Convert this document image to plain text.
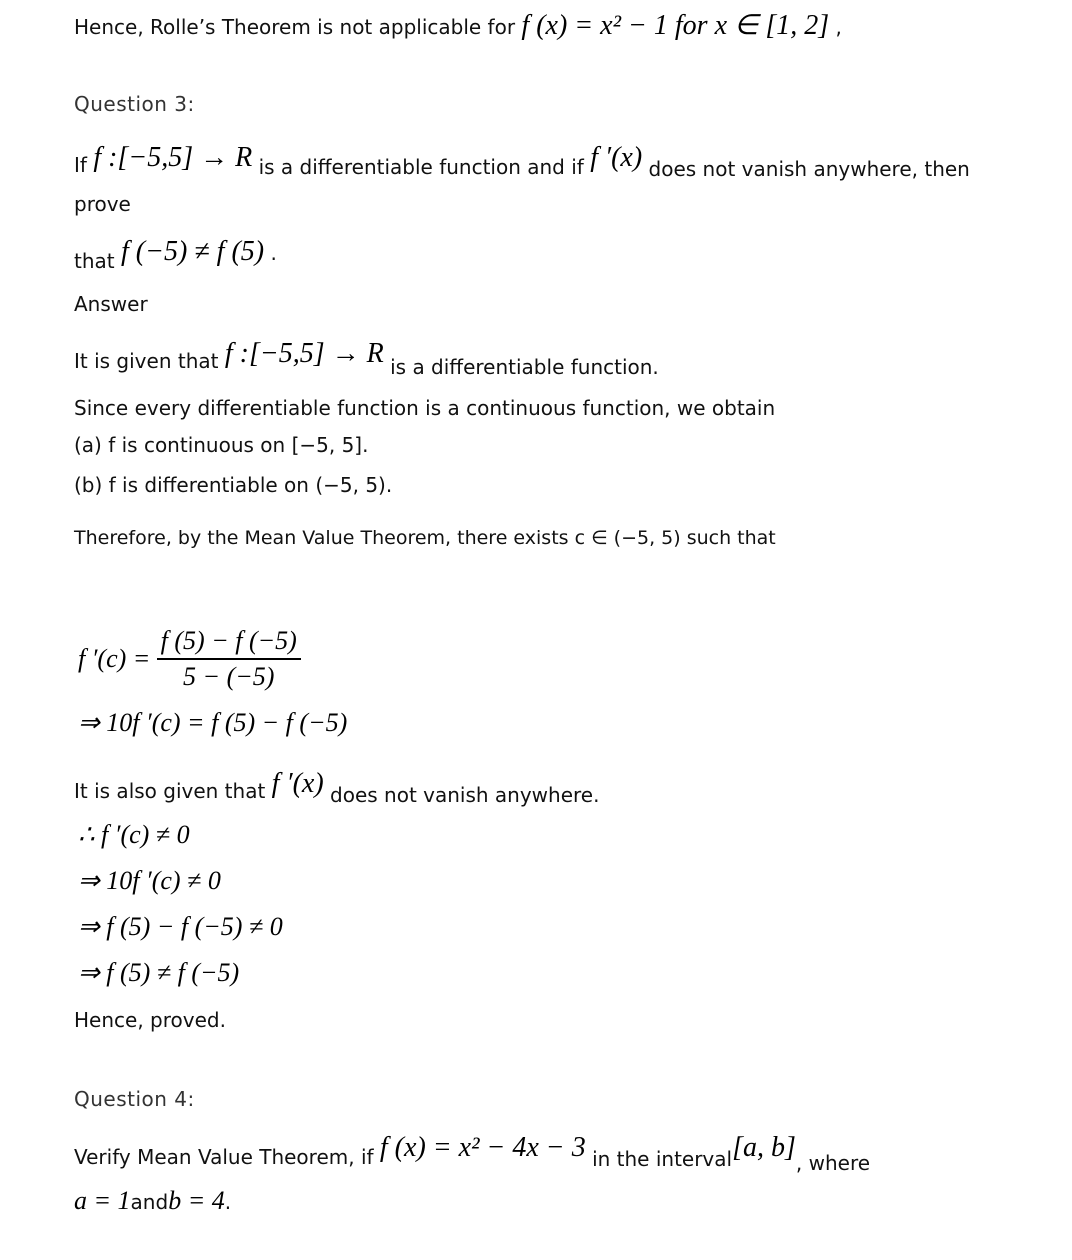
Hence, Rolle’s Theorem is not applicable for f (x) = x² − 1 for x ∈ [1, 2] ,
Question 3:
If f :[−5,5] → R is a differentiable function and if f ′(x) does not vanish anywhere, then
prove
that f (−5) ≠ f (5) .
Answer
It is given that f :[−5,5] → R is a differentiable function.
Since every differentiable function is a continuous function, we obtain
(a) f is continuous on [−5, 5].
(b) f is differentiable on (−5, 5).
Therefore, by the Mean Value Theorem, there exists c ∈ (−5, 5) such that
f $'(c) = \frac{f (5) - f (-5)}{5 - (-5)}$
⇒ 10f ′(c) = f (5) − f (−5)
It is also given that f ′(x) does not vanish anywhere.
∴ f ′(c) ≠ 0
⇒ 10f ′(c) ≠ 0
⇒ f (5) − f (−5) ≠ 0
⇒ f (5) ≠ f (−5)
Hence, proved.
Question 4:
Verify Mean Value Theorem, if f (x) = x² − 4x − 3 in the interval[a, b], where
a = 1andb = 4.
